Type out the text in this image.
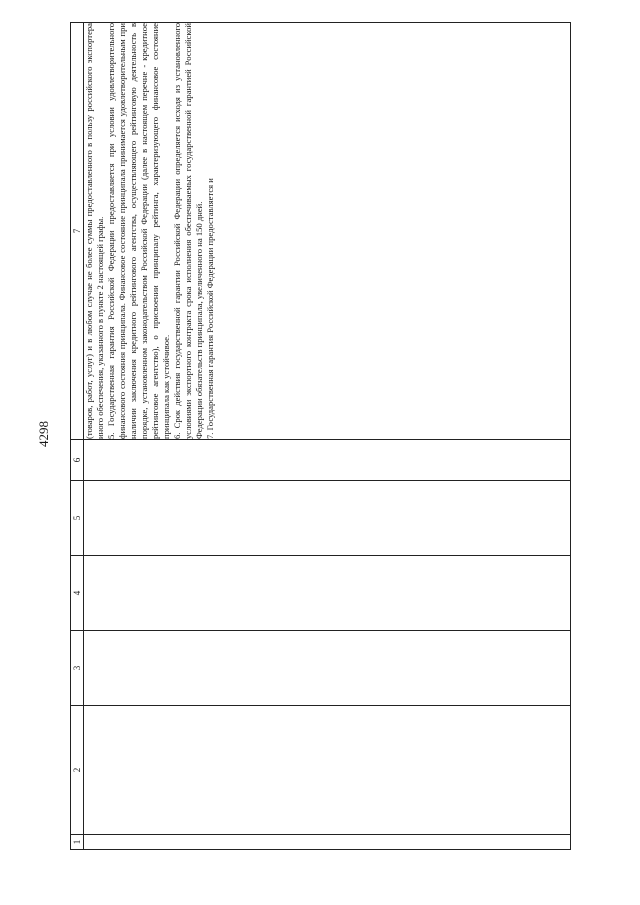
4298
1	2	3	4	5	6	7

						(товаров, работ, услуг) и в любом случае не более суммы предоставленного в пользу российского экспортера иного обеспечения, указанного в пункте 2 настоящей графы. 5. Государственная гарантия Российской Федерации предоставляется при условии удовлетворительного финансового состояния принципала. Финансовое состояние принципала принимается удовлетворительным при наличии заключения кредитного рейтингового агентства, осуществляющего рейтинговую деятельность в порядке, установленном законодательством Российской Федерации (далее в настоящем перечне - кредитное рейтинговое агентство), о присвоении принципалу рейтинга, характеризующего финансовое состояние принципала как устойчивое. 6. Срок действия государственной гарантии Российской Федерации определяется исходя из установленного условиями экспортного контракта срока исполнения обеспечиваемых государственной гарантией Российской Федерации обязательств принципала, увеличенного на 150 дней. 7. Государственная гарантия Российской Федерации предоставляется и
